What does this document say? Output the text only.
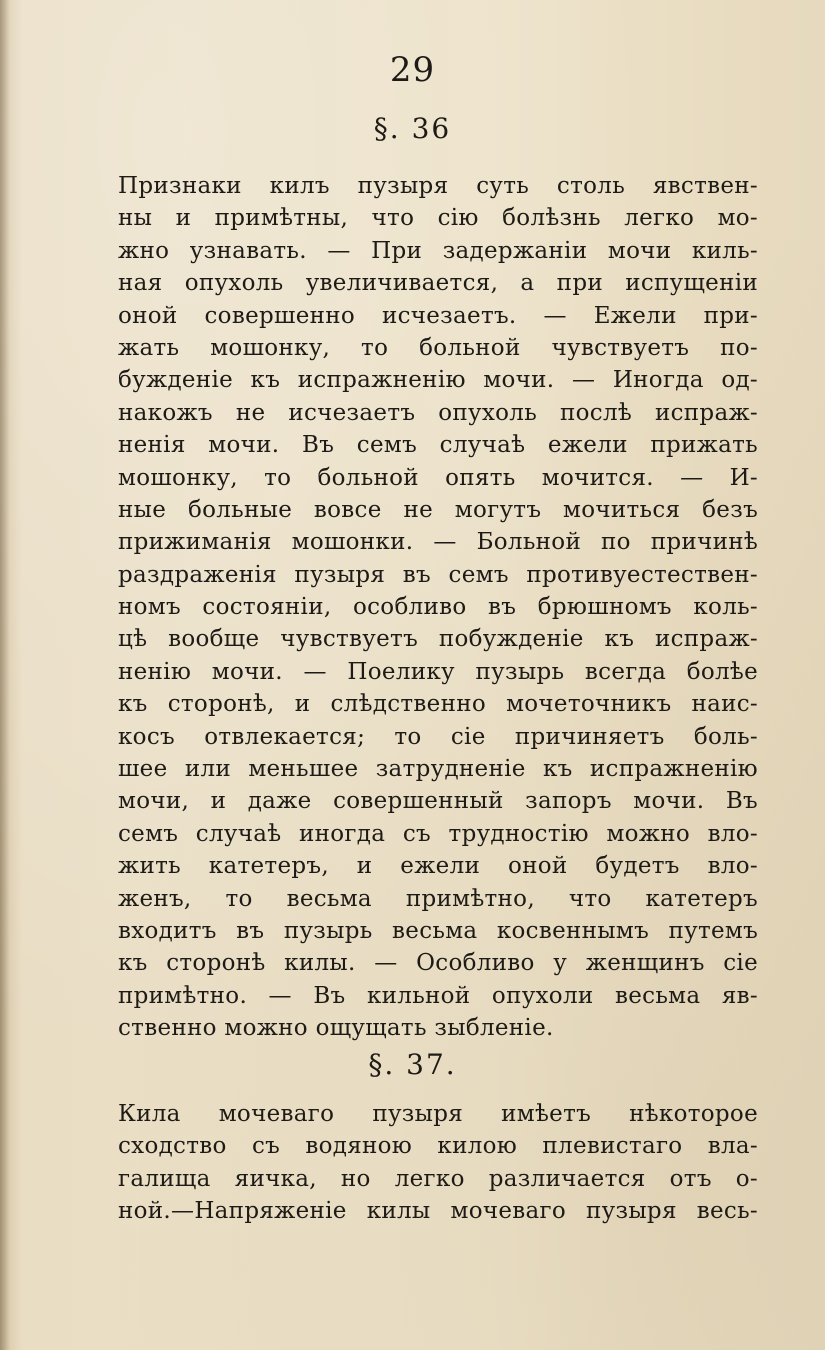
29
§. 36
Признаки килъ пузыря суть столь явствен-
ны и примѣтны, что сію болѣзнь легко мо-
жно узнавать. — При задержаніи мочи киль-
ная опухоль увеличивается, а при испущеніи
оной совершенно исчезаетъ. — Ежели при-
жать мошонку, то больной чувствуетъ по-
бужденіе къ испражненію мочи. — Иногда од-
накожъ не исчезаетъ опухоль послѣ испраж-
ненія мочи. Въ семъ случаѣ ежели прижать
мошонку, то больной опять мочится. — И-
ные больные вовсе не могутъ мочиться безъ
прижиманія мошонки. — Больной по причинѣ
раздраженія пузыря въ семъ противуестествен-
номъ состояніи, особливо въ брюшномъ коль-
цѣ вообще чувствуетъ побужденіе къ испраж-
ненію мочи. — Поелику пузырь всегда болѣе
къ сторонѣ, и слѣдственно мочеточникъ наис-
косъ отвлекается; то сіе причиняетъ боль-
шее или меньшее затрудненіе къ испражненію
мочи, и даже совершенный запоръ мочи. Въ
семъ случаѣ иногда съ трудностію можно вло-
жить катетеръ, и ежели оной будетъ вло-
женъ, то весьма примѣтно, что катетеръ
входитъ въ пузырь весьма косвеннымъ путемъ
къ сторонѣ килы. — Особливо у женщинъ сіе
примѣтно. — Въ кильной опухоли весьма яв-
ственно можно ощущать зыбленіе.
§. 37.
Кила мочеваго пузыря имѣетъ нѣкоторое
сходство съ водяною килою плевистаго вла-
галища яичка, но легко различается отъ о-
ной.—Напряженіе килы мочеваго пузыря весь-
